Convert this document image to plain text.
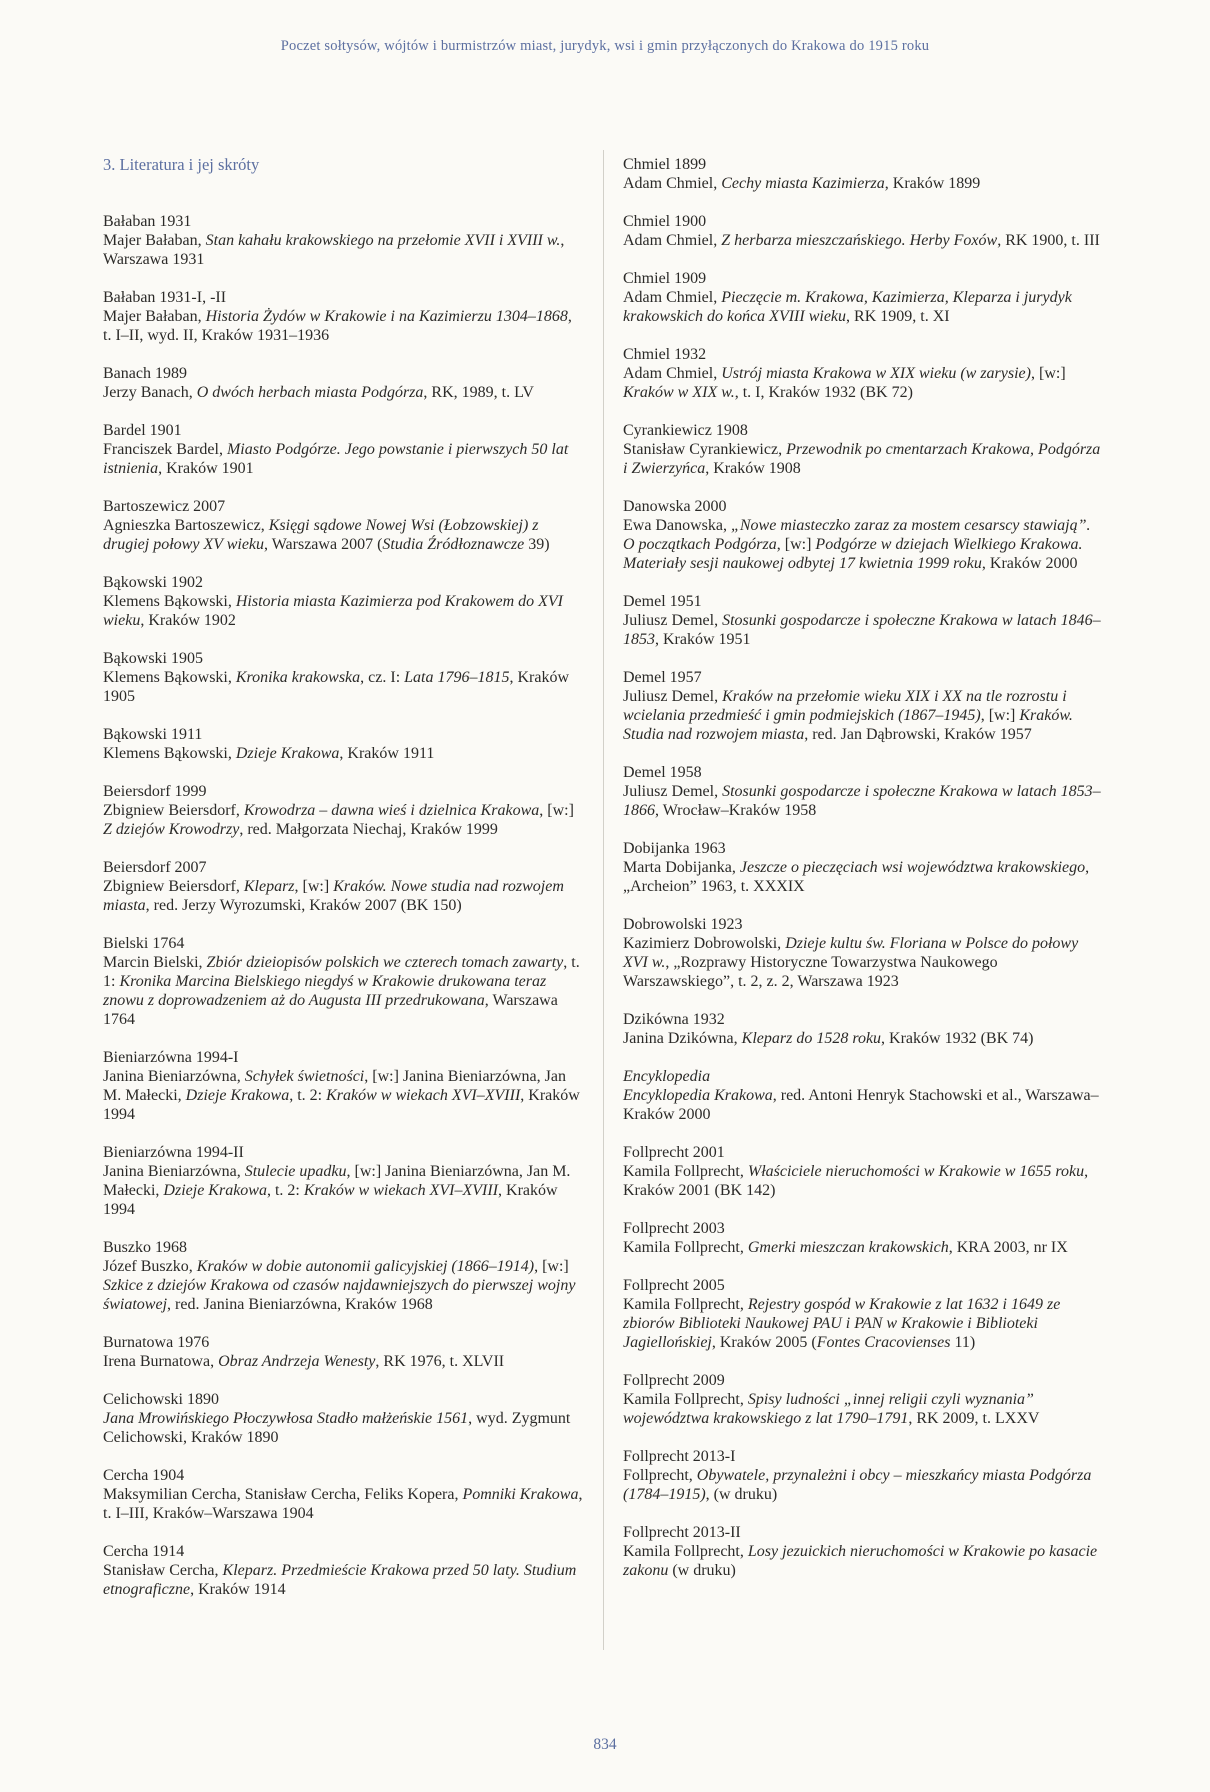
Poczet sołtysów, wójtów i burmistrzów miast, jurydyk, wsi i gmin przyłączonych do Krakowa do 1915 roku
3. Literatura i jej skróty
Bałaban 1931
Majer Bałaban, Stan kahału krakowskiego na przełomie XVII i XVIII w., Warszawa 1931
Bałaban 1931-I, -II
Majer Bałaban, Historia Żydów w Krakowie i na Kazimierzu 1304–1868, t. I–II, wyd. II, Kraków 1931–1936
Banach 1989
Jerzy Banach, O dwóch herbach miasta Podgórza, RK, 1989, t. LV
Bardel 1901
Franciszek Bardel, Miasto Podgórze. Jego powstanie i pierwszych 50 lat istnienia, Kraków 1901
Bartoszewicz 2007
Agnieszka Bartoszewicz, Księgi sądowe Nowej Wsi (Łobzowskiej) z drugiej połowy XV wieku, Warszawa 2007 (Studia Źródłoznawcze 39)
Bąkowski 1902
Klemens Bąkowski, Historia miasta Kazimierza pod Krakowem do XVI wieku, Kraków 1902
Bąkowski 1905
Klemens Bąkowski, Kronika krakowska, cz. I: Lata 1796–1815, Kraków 1905
Bąkowski 1911
Klemens Bąkowski, Dzieje Krakowa, Kraków 1911
Beiersdorf 1999
Zbigniew Beiersdorf, Krowodrza – dawna wieś i dzielnica Krakowa, [w:] Z dziejów Krowodrzy, red. Małgorzata Niechaj, Kraków 1999
Beiersdorf 2007
Zbigniew Beiersdorf, Kleparz, [w:] Kraków. Nowe studia nad rozwojem miasta, red. Jerzy Wyrozumski, Kraków 2007 (BK 150)
Bielski 1764
Marcin Bielski, Zbiór dzieiopisów polskich we czterech tomach zawarty, t. 1: Kronika Marcina Bielskiego niegdyś w Krakowie drukowana teraz znowu z doprowadzeniem aż do Augusta III przedrukowana, Warszawa 1764
Bieniarzówna 1994-I
Janina Bieniarzówna, Schyłek świetności, [w:] Janina Bieniarzówna, Jan M. Małecki, Dzieje Krakowa, t. 2: Kraków w wiekach XVI–XVIII, Kraków 1994
Bieniarzówna 1994-II
Janina Bieniarzówna, Stulecie upadku, [w:] Janina Bieniarzówna, Jan M. Małecki, Dzieje Krakowa, t. 2: Kraków w wiekach XVI–XVIII, Kraków 1994
Buszko 1968
Józef Buszko, Kraków w dobie autonomii galicyjskiej (1866–1914), [w:] Szkice z dziejów Krakowa od czasów najdawniejszych do pierwszej wojny światowej, red. Janina Bieniarzówna, Kraków 1968
Burnatowa 1976
Irena Burnatowa, Obraz Andrzeja Wenesty, RK 1976, t. XLVII
Celichowski 1890
Jana Mrowińskiego Płoczywłosa Stadło małżeńskie 1561, wyd. Zygmunt Celichowski, Kraków 1890
Cercha 1904
Maksymilian Cercha, Stanisław Cercha, Feliks Kopera, Pomniki Krakowa, t. I–III, Kraków–Warszawa 1904
Cercha 1914
Stanisław Cercha, Kleparz. Przedmieście Krakowa przed 50 laty. Studium etnograficzne, Kraków 1914
Chmiel 1899
Adam Chmiel, Cechy miasta Kazimierza, Kraków 1899
Chmiel 1900
Adam Chmiel, Z herbarza mieszczańskiego. Herby Foxów, RK 1900, t. III
Chmiel 1909
Adam Chmiel, Pieczęcie m. Krakowa, Kazimierza, Kleparza i jurydyk krakowskich do końca XVIII wieku, RK 1909, t. XI
Chmiel 1932
Adam Chmiel, Ustrój miasta Krakowa w XIX wieku (w zarysie), [w:] Kraków w XIX w., t. I, Kraków 1932 (BK 72)
Cyrankiewicz 1908
Stanisław Cyrankiewicz, Przewodnik po cmentarzach Krakowa, Podgórza i Zwierzyńca, Kraków 1908
Danowska 2000
Ewa Danowska, „Nowe miasteczko zaraz za mostem cesarscy stawiają”. O początkach Podgórza, [w:] Podgórze w dziejach Wielkiego Krakowa. Materiały sesji naukowej odbytej 17 kwietnia 1999 roku, Kraków 2000
Demel 1951
Juliusz Demel, Stosunki gospodarcze i społeczne Krakowa w latach 1846–1853, Kraków 1951
Demel 1957
Juliusz Demel, Kraków na przełomie wieku XIX i XX na tle rozrostu i wcielania przedmieść i gmin podmiejskich (1867–1945), [w:] Kraków. Studia nad rozwojem miasta, red. Jan Dąbrowski, Kraków 1957
Demel 1958
Juliusz Demel, Stosunki gospodarcze i społeczne Krakowa w latach 1853–1866, Wrocław–Kraków 1958
Dobijanka 1963
Marta Dobijanka, Jeszcze o pieczęciach wsi województwa krakowskiego, „Archeion” 1963, t. XXXIX
Dobrowolski 1923
Kazimierz Dobrowolski, Dzieje kultu św. Floriana w Polsce do połowy XVI w., „Rozprawy Historyczne Towarzystwa Naukowego Warszawskiego”, t. 2, z. 2, Warszawa 1923
Dzikówna 1932
Janina Dzikówna, Kleparz do 1528 roku, Kraków 1932 (BK 74)
Encyklopedia
Encyklopedia Krakowa, red. Antoni Henryk Stachowski et al., Warszawa–Kraków 2000
Follprecht 2001
Kamila Follprecht, Właściciele nieruchomości w Krakowie w 1655 roku, Kraków 2001 (BK 142)
Follprecht 2003
Kamila Follprecht, Gmerki mieszczan krakowskich, KRA 2003, nr IX
Follprecht 2005
Kamila Follprecht, Rejestry gospód w Krakowie z lat 1632 i 1649 ze zbiorów Biblioteki Naukowej PAU i PAN w Krakowie i Biblioteki Jagiellońskiej, Kraków 2005 (Fontes Cracovienses 11)
Follprecht 2009
Kamila Follprecht, Spisy ludności „innej religii czyli wyznania” województwa krakowskiego z lat 1790–1791, RK 2009, t. LXXV
Follprecht 2013-I
Follprecht, Obywatele, przynależni i obcy – mieszkańcy miasta Podgórza (1784–1915), (w druku)
Follprecht 2013-II
Kamila Follprecht, Losy jezuickich nieruchomości w Krakowie po kasacie zakonu (w druku)
834
